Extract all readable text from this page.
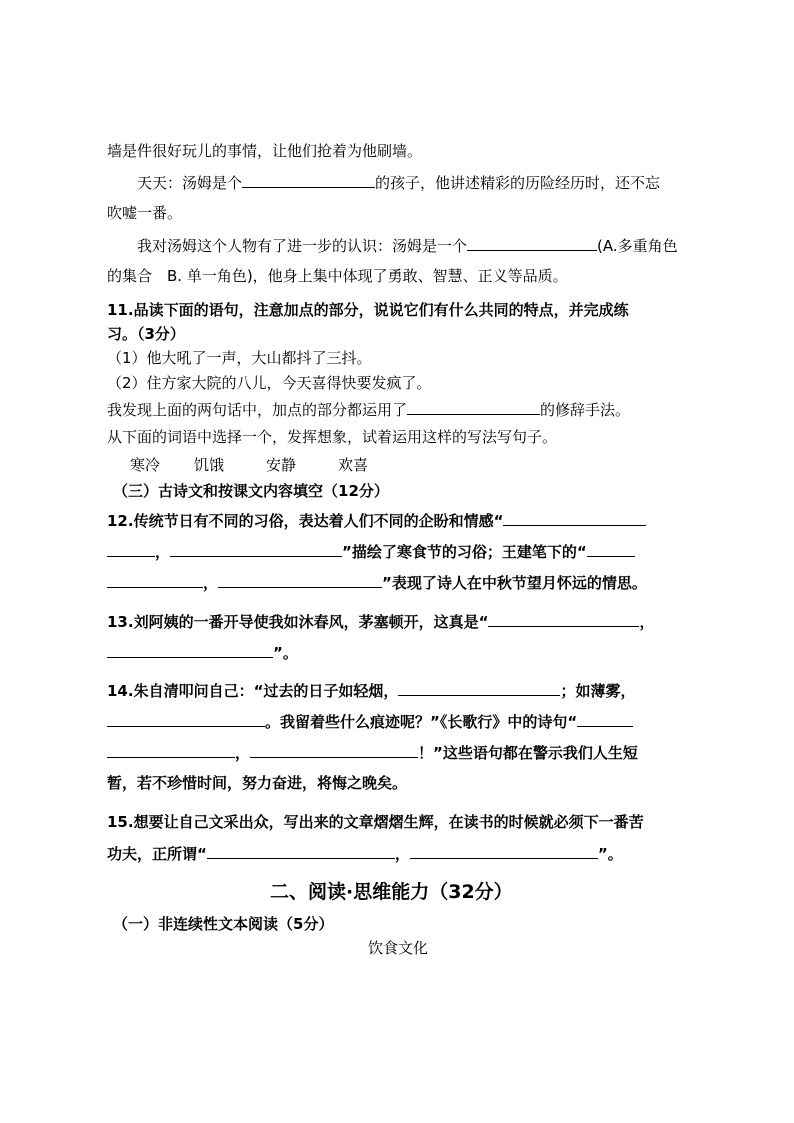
墙是件很好玩儿的事情，让他们抢着为他刷墙。
天天：汤姆是个	的孩子，他讲述精彩的历险经历时，还不忘
吹嘘一番。
我对汤姆这个人物有了进一步的认识：汤姆是一个	(A.多重角色
的集合　B. 单一角色)，他身上集中体现了勇敢、智慧、正义等品质。
11.品读下面的语句，注意加点的部分，说说它们有什么共同的特点，并完成练
习。（3分）
（1）他大吼了一声，大山都抖了三抖。
（2）住方家大院的八儿，今天喜得快要发疯了。
我发现上面的两句话中，加点的部分都运用了	的修辞手法。
从下面的词语中选择一个，发挥想象，试着运用这样的写法写句子。
寒冷 饥饿	安静	欢喜
（三）古诗文和按课文内容填空（12分）
12.传统节日有不同的习俗，表达着人们不同的企盼和情感“
，	”描绘了寒食节的习俗；王建笔下的“
，	”表现了诗人在中秋节望月怀远的情思。
13.刘阿姨的一番开导使我如沐春风，茅塞顿开，这真是“	，
”。
14.朱自清叩问自己：“过去的日子如轻烟，	；如薄雾，
。我留着些什么痕迹呢？”《长歌行》中的诗句“
，	！”这些语句都在警示我们人生短
暂，若不珍惜时间，努力奋进，将悔之晚矣。
15.想要让自己文采出众，写出来的文章熠熠生辉，在读书的时候就必须下一番苦
功夫，正所谓“	，	”。
二、阅读·思维能力（32分）
（一）非连续性文本阅读（5分）
饮食文化
